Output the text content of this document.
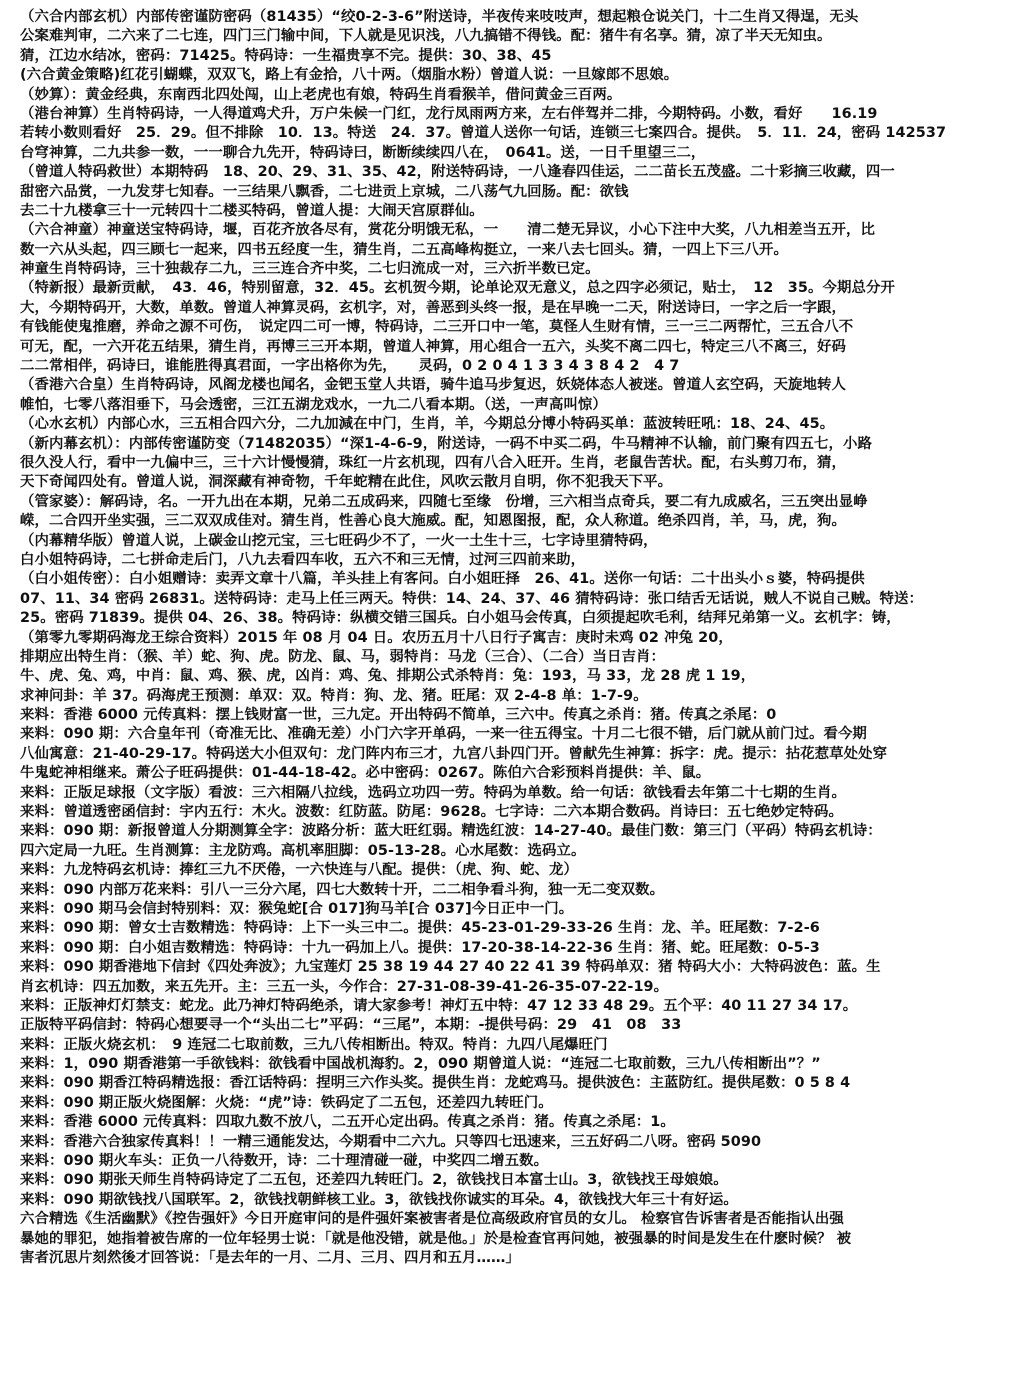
（六合内部玄机）内部传密谨防密码（81435）“绞0-2-3-6”附送诗，半夜传来吱吱声，想起粮仓说关门，十二生肖又得逞，无头
公案难判审，二六来了二七连，四门三门输中间，下人就是见识浅，八九搞错不得钱。配：猪牛有名享。猜，凉了半天无知虫。
猜，江边水结冰，密码：71425。特码诗：一生福贵享不完。提供：30、38、45
(六合黄金策略)红花引蝴蝶，双双飞，路上有金拾，八十两。（烟脂水粉）曾道人说：一旦嫁郎不思娘。
（妙算）：黄金经典，东南西北四处闯，山上老虎也有娘，特码生肖看猴羊，借问黄金三百两。
（港台神算）生肖特码诗，一人得道鸡犬升，万户朱候一门红，龙行凤雨两方来，左右伴驾并二排，今期特码。小数，看好　　16.19
若转小数则看好　25．29。但不排除　10．13。特送　24．37。曾道人送你一句话，连锁三七案四合。提供。　5．11．24，密码 142537
台穹神算，二九共参一数，一一聊合九先开，特码诗曰，断断续续四八在，　0641。送，一日千里望三二，
（曾道人特码救世）本期特码　18、20、29、31、35、42，附送特码诗，一八逢春四佳运，二二苗长五茂盛。二十彩摘三收藏，四一
甜密六品赏，一九发芽七知春。一三结果八飘香，二七进贡上京城，二八荡气九回肠。配：欲钱
去二十九楼拿三十一元转四十二楼买特码，曾道人提：大闹天宫原群仙。
（六合神童）神童送宝特码诗，堰，百花齐放各尽有，赏花分明饿无私，一　　清二楚无异议，小心下注中大奖，八九相差当五开，比
数一六从头起，四三顾七一起来，四书五经度一生，猜生肖，二五高峰构挺立，一来八去七回头。猜，一四上下三八开。
神童生肖特码诗，三十独裁存二九，三三连合齐中奖，二七归流成一对，三六折半数已定。
（特新报）最新贡献，　43．46，特别留意，32．45。玄机贺今期，论单论双无意义，总之四字必须记，贴士，　12　35。今期总分开
大，今期特码开，大数，单数。曾道人神算灵码，玄机字，对，善恶到头终一报，是在早晚一二天，附送诗曰，一字之后一字跟，
有钱能使鬼推磨，养命之源不可伤，　说定四二可一博，特码诗，二三开口中一笔，莫怪人生财有情，三一三二两帮忙，三五合八不
可无，配，一六开花五结果，猜生肖，再博三三开本期，曾道人神算，用心组合一五六，头奖不离二四七，特定三八不离三，好码
二二常相伴，码诗曰，谁能胜得真君面，一字出格你为先，　　灵码，0 2 0 4 1 3 3 4 3 8 4 2　4 7
（香港六合皇）生肖特码诗，风阁龙楼也闻名，金钯玉堂人共语，骑牛追马步复迟，妖娆体态人被迷。曾道人玄空码，天旋地转人
帷怕，七零八落泪垂下，马会透密，三江五湖龙戏水，一九二八看本期。（送，一声高叫惊）
（心水玄机）内部心水，三五相合四六分，二九加減在中门，生肖，羊，今期总分博小特码买单：蓝波转旺吼：18、24、45。
（新内幕玄机）：内部传密谨防变（71482035）“深1-4-6-9，附送诗，一码不中买二码，牛马精神不认输，前门聚有四五七，小路
很久没人行，看中一九偏中三，三十六计慢慢猜，珠红一片玄机现，四有八合入旺开。生肖，老鼠告苦状。配，右头剪刀布，猜，
天下奇闻四处有。曾道人说，洞深藏有神奇物，千年蛇精在此住，风吹云散月自明，你不犯我天下平。
（管家婆）：解码诗，名。一开九出在本期，兄弟二五成码来，四随七至缘　份增，三六相当点奇兵，要二有九成威名，三五突出显峥
嵘，二合四开坐实强，三二双双成佳对。猜生肖，性善心良大施威。配，知恩图报，配，众人称道。绝杀四肖，羊，马，虎，狗。
（内幕精华版）曾道人说，上碳金山挖元宝，三七旺码少不了，一火一土生十三，七字诗里猜特码，
白小姐特码诗，二七拼命走后门，八九去看四车收，五六不和三无情，过河三四前来助，
（白小姐传密）：白小姐赠诗：卖弄文章十八篇，羊头挂上有客问。白小姐旺择　26、41。送你一句话：二十出头小ｓ婆，特码提供
07、11、34 密码 26831。送特码诗：走马上任三两天。特供：14、24、37、46 猜特码诗：张口结舌无话说，贼人不说自己贼。特送：
25。密码 71839。提供 04、26、38。特码诗：纵横交错三国兵。白小姐马会传真，白须提起吹毛利，结拜兄弟第一义。玄机字：铸，
（第零九零期码海龙王综合资料）2015 年 08 月 04 日。农历五月十八日行子寓吉：庚时未鸡 02 冲兔 20，
排期应出特生肖：（猴、羊）蛇、狗、虎。防龙、鼠、马，弱特肖：马龙（三合）、（二合）当日吉肖：
牛、虎、兔、鸡，中肖：鼠、鸡、猴、虎，凶肖：鸡、兔、排期公式杀特肖：兔：193，马 33，龙 28 虎 1 19，
求神问卦：羊 37。码海虎王预测：单双：双。特肖：狗、龙、猪。旺尾：双 2-4-8 单：1-7-9。
来料：香港 6000 元传真料：摆上钱财富一世，三九定。开出特码不简单，三六中。传真之杀肖：猪。传真之杀尾：0
来料：090 期：六合皇年刊（奇准无比、准确无差）小门六字开单码，一来一往五得宝。十月二七很不错，后门就从前门过。看今期
八仙寓意：21-40-29-17。特码送大小但双句：龙门阵内布三才，九宫八卦四门开。曾献先生神算：拆字：虎。提示：拈花惹草处处穿
牛鬼蛇神相继来。萧公子旺码提供：01-44-18-42。必中密码：0267。陈伯六合彩预料肖提供：羊、鼠。
来料：正版足球报（文字版）看波：三六相隔八拉线，选码立功四一劳。特码为单数。给一句话：欲钱看去年第二十七期的生肖。
来料：曾道透密函信封：宇内五行：木火。波数：红防蓝。防尾：9628。七字诗：二六本期合数码。肖诗曰：五七绝妙定特码。
来料：090 期：新报曾道人分期测算全字：波路分析：蓝大旺红弱。精选红波：14-27-40。最佳门数：第三门（平码）特码玄机诗：
四六定局一九旺。生肖测算：主龙防鸡。高机率胆脚：05-13-28。心水尾数：选码立。
来料：九龙特码玄机诗：捧红三九不厌倦，一六快连与八配。提供：（虎、狗、蛇、龙）
来料：090 内部万花来料：引八一三分六尾，四七大数转十开，二二相争看斗狗，独一无二变双数。
来料：090 期马会信封特别料：双：猴兔蛇[合 017]狗马羊[合 037]今日正中一门。
来料：090 期：曾女士吉数精选：特码诗：上下一头三中二。提供：45-23-01-29-33-26 生肖：龙、羊。旺尾数：7-2-6
来料：090 期：白小姐吉数精选：特码诗：十九一码加上八。提供：17-20-38-14-22-36 生肖：猪、蛇。旺尾数：0-5-3
来料：090 期香港地下信封《四处奔波》；九宝莲灯 25 38 19 44 27 40 22 41 39 特码单双：猪 特码大小：大特码波色：蓝。生
肖玄机诗：四五加数，来五先开。主：三五一头，今作合：27-31-08-39-41-26-35-07-22-19。
来料：正版神灯灯禁支：蛇龙。此乃神灯特码绝杀，请大家参考！神灯五中特：47 12 33 48 29。五个平：40 11 27 34 17。
正版特平码信封：特码心想要寻一个“头出二七”平码：“三尾”，本期：-提供号码：29　41　08　33
来料：正版火烧玄机：　9 连冠二七取前数，三九八传相断出。特双。特肖：九四八尾爆旺门
来料：1，090 期香港第一手欲钱料：欲钱看中国战机海豹。2，090 期曾道人说：“连冠二七取前数，三九八传相断出”？”
来料：090 期香江特码精选报：香江话特码：捏明三六作头奖。提供生肖：龙蛇鸡马。提供波色：主蓝防红。提供尾数：0 5 8 4
来料：090 期正版火烧图解：火烧：“虎”诗：铁码定了二五包，还差四九转旺门。
来料：香港 6000 元传真料：四取九数不放八，二五开心定出码。传真之杀肖：猪。传真之杀尾：1。
来料：香港六合独家传真料！！一精三通能发达，今期看中二六九。只等四七迅速来，三五好码二八呀。密码 5090
来料：090 期火车头：正负一八待数开，诗：二十理清碰一碰，中奖四二增五数。
来料：090 期张天师生肖特码诗定了二五包，还差四九转旺门。2，欲钱找日本富士山。3，欲钱找王母娘娘。
来料：090 期欲钱找八国联军。2，欲钱找朝鲜核工业。3，欲钱找你诚实的耳朵。4，欲钱找大年三十有好运。
六合精选《生活幽默》《控告强奸》今日开庭审问的是件强奸案被害者是位高级政府官员的女儿。 检察官告诉害者是否能指认出强
暴她的罪犯，她指着被告席的一位年轻男士说：「就是他没错，就是他。」於是检查官再问她，被强暴的时间是发生在什麽时候？ 被
害者沉思片刻然後才回答说：「是去年的一月、二月、三月、四月和五月……」
